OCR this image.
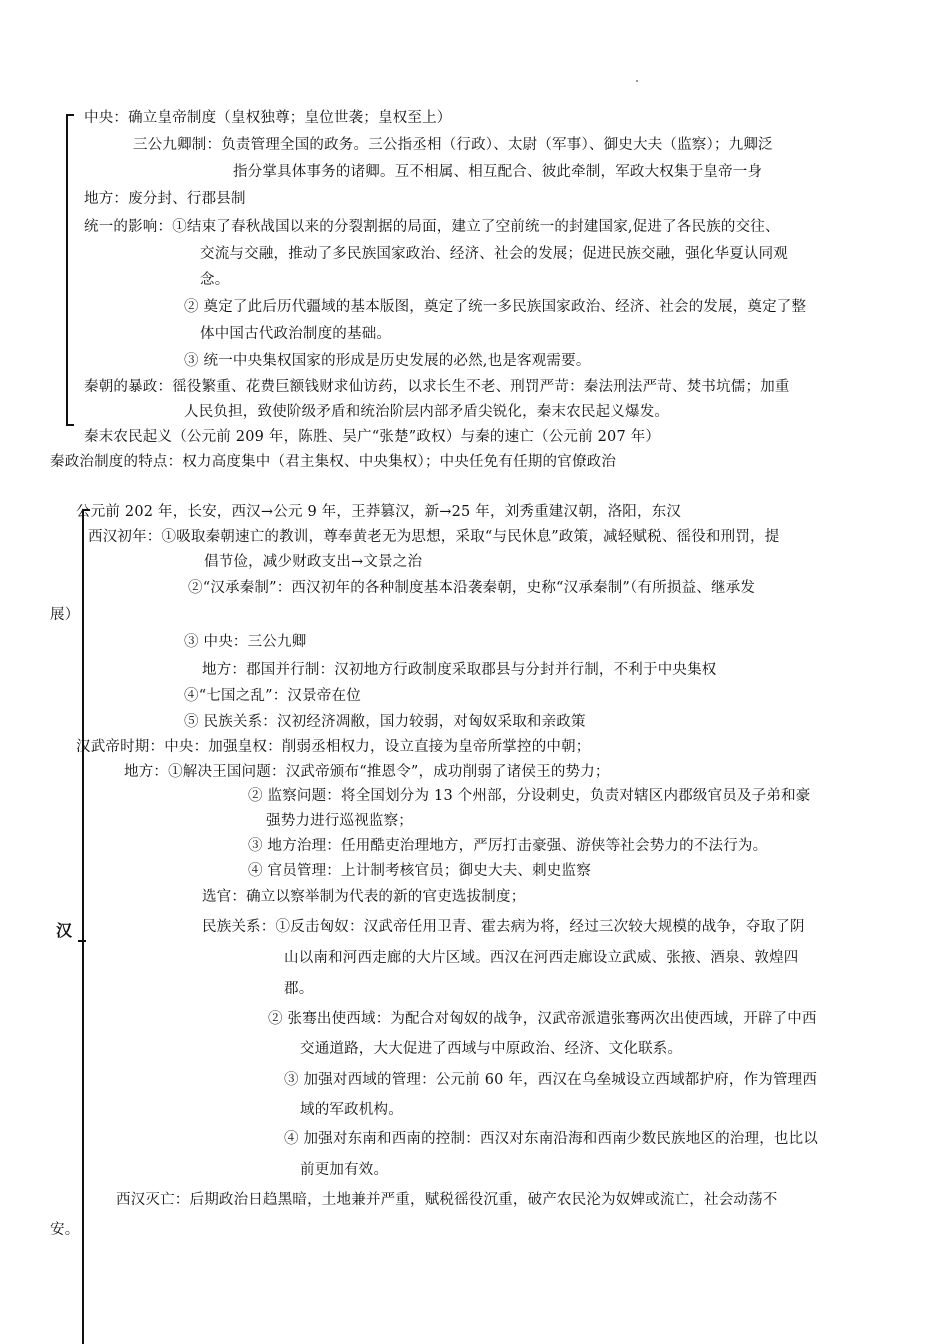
中央：确立皇帝制度（皇权独尊；皇位世袭；皇权至上）
三公九卿制：负责管理全国的政务。三公指丞相（行政）、太尉（军事）、御史大夫（监察）；九卿泛
指分掌具体事务的诸卿。互不相属、相互配合、彼此牵制，军政大权集于皇帝一身
地方：废分封、行郡县制
统一的影响：①结束了春秋战国以来的分裂割据的局面，建立了空前统一的封建国家,促进了各民族的交往、
交流与交融，推动了多民族国家政治、经济、社会的发展；促进民族交融，强化华夏认同观
念。
② 奠定了此后历代疆域的基本版图，奠定了统一多民族国家政治、经济、社会的发展，奠定了整
体中国古代政治制度的基础。
③ 统一中央集权国家的形成是历史发展的必然,也是客观需要。
秦朝的暴政：徭役繁重、花费巨额钱财求仙访药，以求长生不老、刑罚严苛：秦法刑法严苛、焚书坑儒；加重
人民负担，致使阶级矛盾和统治阶层内部矛盾尖锐化，秦末农民起义爆发。
秦末农民起义（公元前 209 年，陈胜、吴广“张楚”政权）与秦的速亡（公元前 207 年）
秦政治制度的特点：权力高度集中（君主集权、中央集权）；中央任免有任期的官僚政治
汉
公元前 202 年，长安，西汉→公元 9 年，王莽篡汉，新→25 年，刘秀重建汉朝，洛阳，东汉
西汉初年：①吸取秦朝速亡的教训，尊奉黄老无为思想，采取“与民休息”政策，减轻赋税、徭役和刑罚，提
倡节俭，减少财政支出→文景之治
②“汉承秦制”：西汉初年的各种制度基本沿袭秦朝，史称“汉承秦制”（有所损益、继承发
展）
③ 中央：三公九卿
地方：郡国并行制：汉初地方行政制度采取郡县与分封并行制，不利于中央集权
④“七国之乱”：汉景帝在位
⑤ 民族关系：汉初经济凋敝，国力较弱，对匈奴采取和亲政策
汉武帝时期：中央：加强皇权：削弱丞相权力，设立直接为皇帝所掌控的中朝；
地方：①解决王国问题：汉武帝颁布“推恩令”，成功削弱了诸侯王的势力；
② 监察问题：将全国划分为 13 个州部，分设刺史，负责对辖区内郡级官员及子弟和豪
强势力进行巡视监察；
③ 地方治理：任用酷吏治理地方，严厉打击豪强、游侠等社会势力的不法行为。
④ 官员管理：上计制考核官员；御史大夫、刺史监察
选官：确立以察举制为代表的新的官吏选拔制度；
民族关系：①反击匈奴：汉武帝任用卫青、霍去病为将，经过三次较大规模的战争，夺取了阴
山以南和河西走廊的大片区域。西汉在河西走廊设立武威、张掖、酒泉、敦煌四
郡。
② 张骞出使西域：为配合对匈奴的战争，汉武帝派遣张骞两次出使西域，开辟了中西
交通道路，大大促进了西域与中原政治、经济、文化联系。
③ 加强对西域的管理：公元前 60 年，西汉在乌垒城设立西域都护府，作为管理西
域的军政机构。
④ 加强对东南和西南的控制：西汉对东南沿海和西南少数民族地区的治理，也比以
前更加有效。
西汉灭亡：后期政治日趋黑暗，土地兼并严重，赋税徭役沉重，破产农民沦为奴婢或流亡，社会动荡不
安。
